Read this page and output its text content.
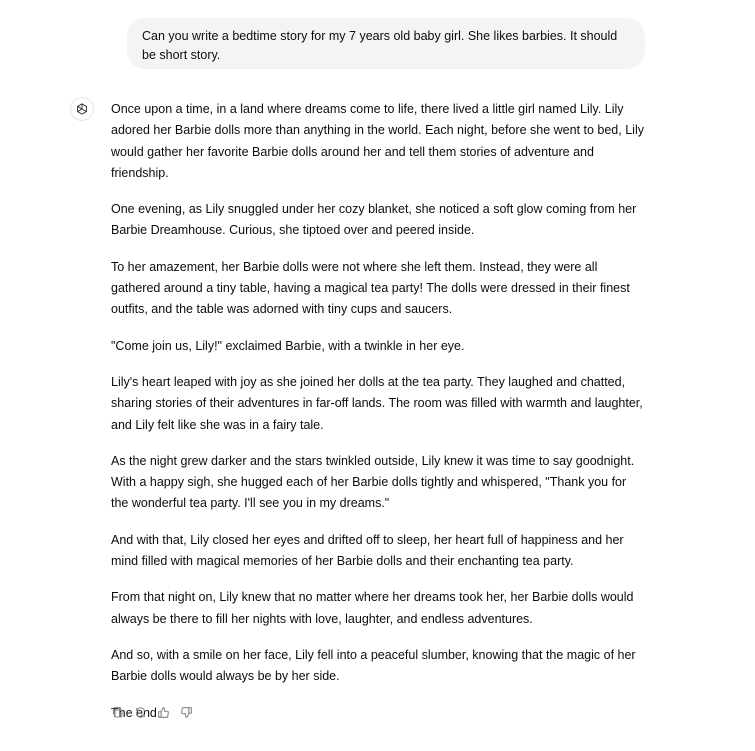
Can you write a bedtime story for my 7 years old baby girl. She likes barbies. It should be short story.

Once upon a time, in a land where dreams come to life, there lived a little girl named Lily. Lily adored her Barbie dolls more than anything in the world. Each night, before she went to bed, Lily would gather her favorite Barbie dolls around her and tell them stories of adventure and friendship.

One evening, as Lily snuggled under her cozy blanket, she noticed a soft glow coming from her Barbie Dreamhouse. Curious, she tiptoed over and peered inside.

To her amazement, her Barbie dolls were not where she left them. Instead, they were all gathered around a tiny table, having a magical tea party! The dolls were dressed in their finest outfits, and the table was adorned with tiny cups and saucers.

"Come join us, Lily!" exclaimed Barbie, with a twinkle in her eye.

Lily's heart leaped with joy as she joined her dolls at the tea party. They laughed and chatted, sharing stories of their adventures in far-off lands. The room was filled with warmth and laughter, and Lily felt like she was in a fairy tale.

As the night grew darker and the stars twinkled outside, Lily knew it was time to say goodnight. With a happy sigh, she hugged each of her Barbie dolls tightly and whispered, "Thank you for the wonderful tea party. I'll see you in my dreams."

And with that, Lily closed her eyes and drifted off to sleep, her heart full of happiness and her mind filled with magical memories of her Barbie dolls and their enchanting tea party.

From that night on, Lily knew that no matter where her dreams took her, her Barbie dolls would always be there to fill her nights with love, laughter, and endless adventures.

And so, with a smile on her face, Lily fell into a peaceful slumber, knowing that the magic of her Barbie dolls would always be by her side.

The end.
